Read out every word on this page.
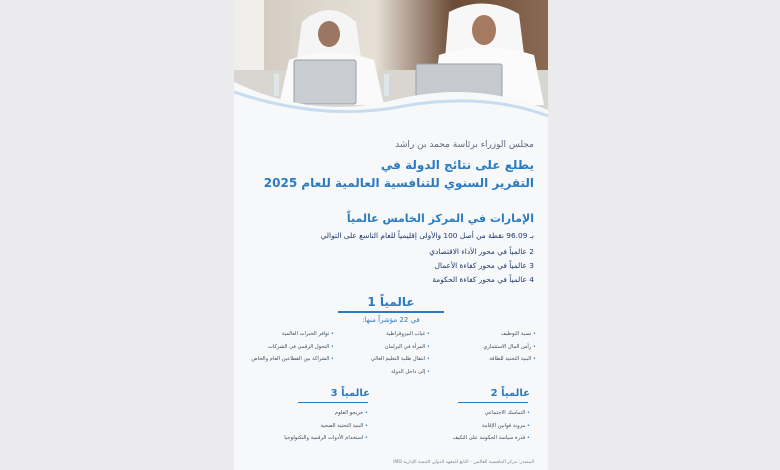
مجلس الوزراء برئاسة محمد بن راشد
يطلع على نتائج الدولة في
التقرير السنوي للتنافسية العالمية للعام 2025
الإمارات في المركز الخامس عالمياً
بـ 96.09 نقطة من أصل 100 والأولى إقليمياً للعام التاسع على التوالي
2 عالمياً في محور الأداء الاقتصادي
3 عالمياً في محور كفاءة الأعمال
4 عالمياً في محور كفاءة الحكومة
عالمياً 1
في 22 مؤشراً منها:
• نسبة التوظيف
• رأس المال الاستثماري
• البنية التحتية للطاقة
• غياب البيروقراطية
• المرأة في البرلمان
• انتقال طلبة التعليم العالي
• إلى داخل الدولة
• توافر الخبرات العالمية
• التحول الرقمي في الشركات
• الشراكة بين القطاعين العام والخاص
عالمياً 2
• التماسك الاجتماعي
• مرونة قوانين الإقامة
• قدرة سياسة الحكومة على التكيف
عالمياً 3
• خريجو العلوم
• البنية التحتية الصحية
• استخدام الأدوات الرقمية والتكنولوجيا
المصدر: مركز التنافسية العالمي - التابع للمعهد الدولي للتنمية الإدارية IMD
